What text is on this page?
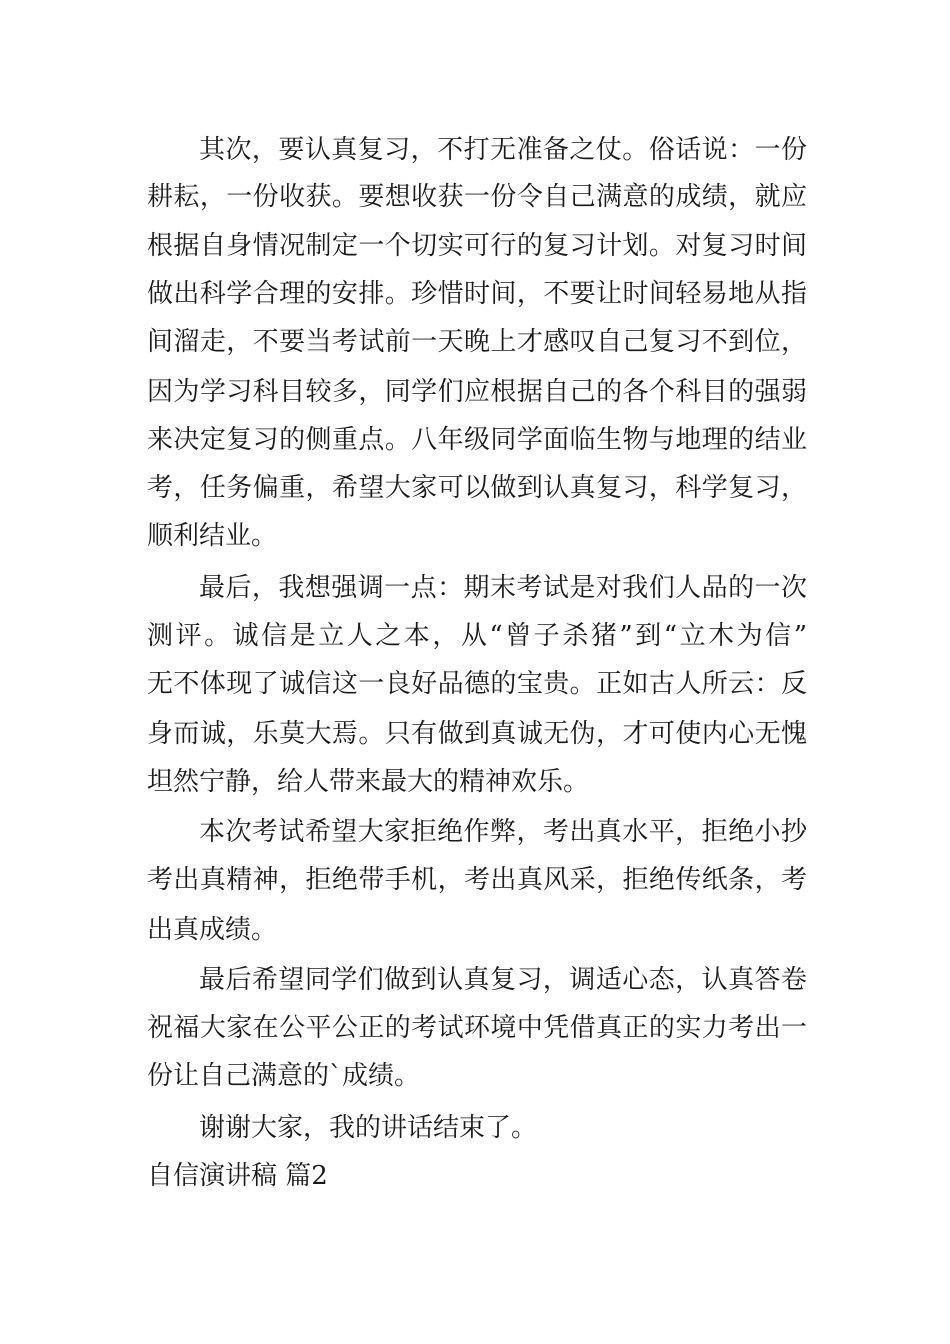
其次，要认真复习，不打无准备之仗。俗话说：一份
耕耘，一份收获。要想收获一份令自己满意的成绩，就应
根据自身情况制定一个切实可行的复习计划。对复习时间
做出科学合理的安排。珍惜时间，不要让时间轻易地从指
间溜走，不要当考试前一天晚上才感叹自己复习不到位，
因为学习科目较多，同学们应根据自己的各个科目的强弱
来决定复习的侧重点。八年级同学面临生物与地理的结业
考，任务偏重，希望大家可以做到认真复习，科学复习，
顺利结业。
最后，我想强调一点：期末考试是对我们人品的一次
测评。诚信是立人之本，从“曾子杀猪”到“立木为信”
无不体现了诚信这一良好品德的宝贵。正如古人所云：反
身而诚，乐莫大焉。只有做到真诚无伪，才可使内心无愧
坦然宁静，给人带来最大的精神欢乐。
本次考试希望大家拒绝作弊，考出真水平，拒绝小抄
考出真精神，拒绝带手机，考出真风采，拒绝传纸条，考
出真成绩。
最后希望同学们做到认真复习，调适心态，认真答卷
祝福大家在公平公正的考试环境中凭借真正的实力考出一
份让自己满意的`成绩。
谢谢大家，我的讲话结束了。
自信演讲稿 篇2
